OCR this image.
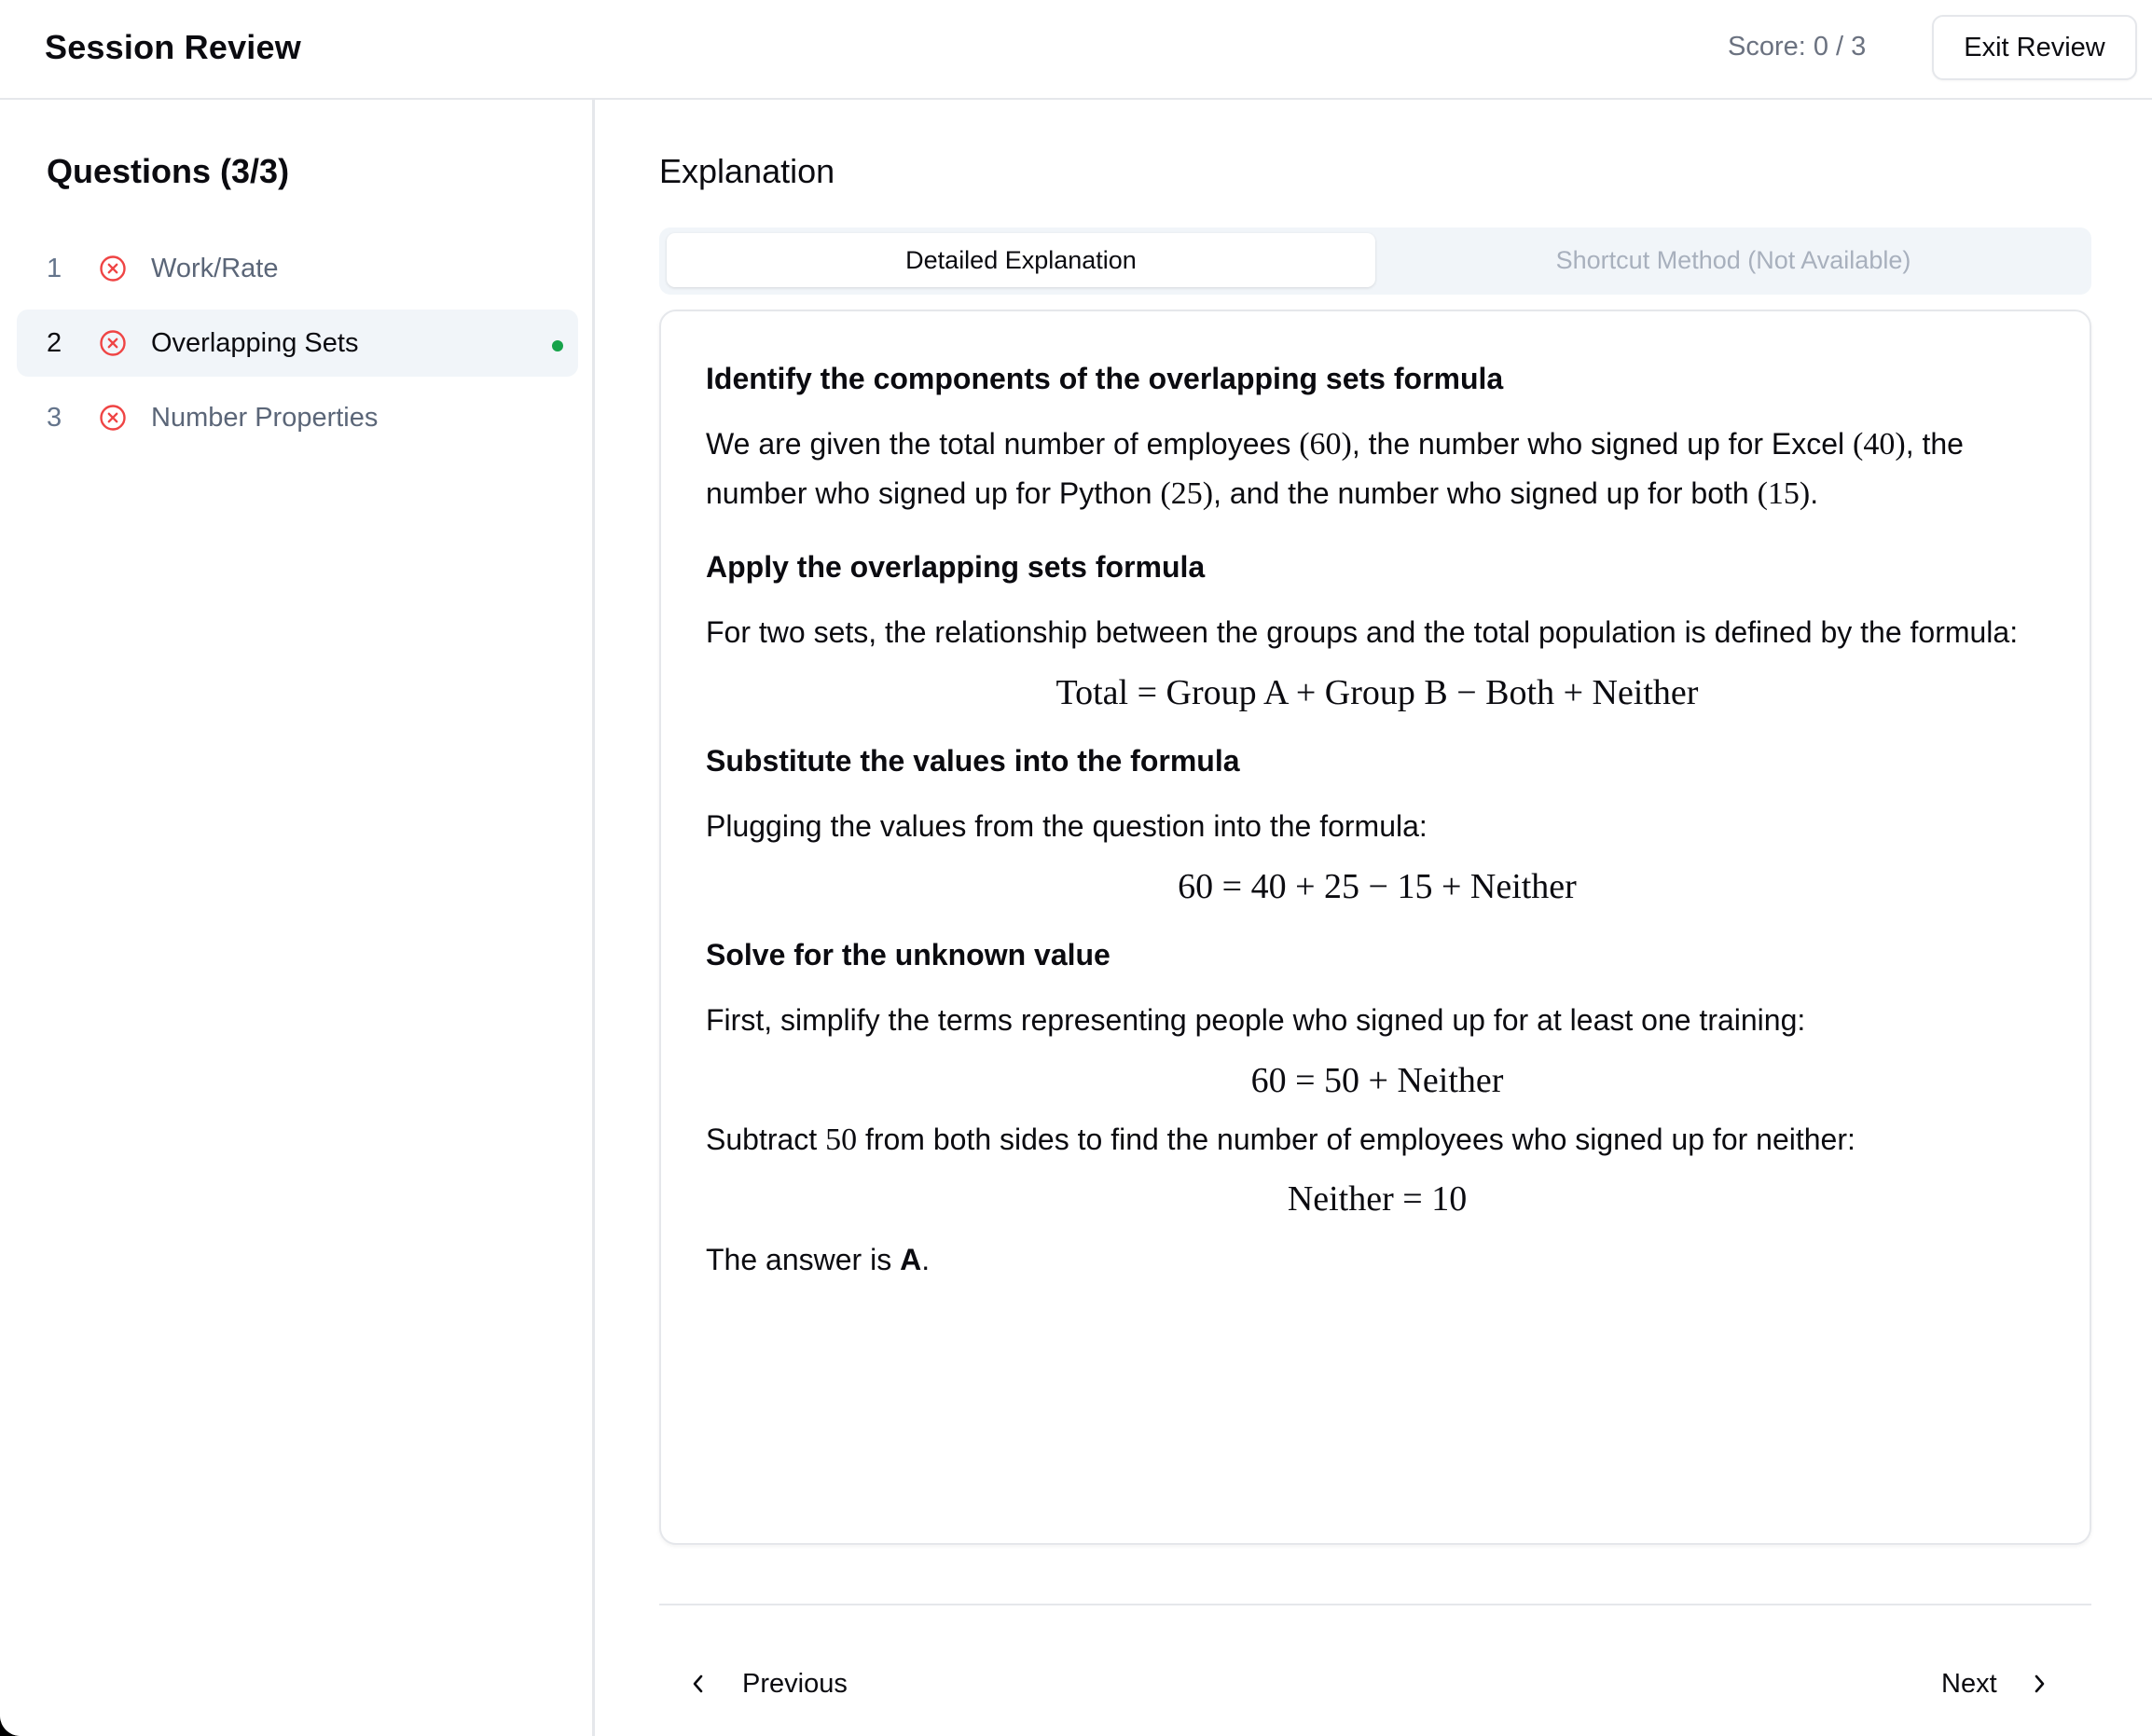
Session Review	Score: 0 / 3	Exit Review
Questions (3/3)
1	Work/Rate
2	Overlapping Sets
3	Number Properties
Explanation
Detailed Explanation	Shortcut Method (Not Available)
Identify the components of the overlapping sets formula
We are given the total number of employees (60), the number who signed up for Excel (40), the number who signed up for Python (25), and the number who signed up for both (15).
Apply the overlapping sets formula
For two sets, the relationship between the groups and the total population is defined by the formula:
Total = Group A + Group B − Both + Neither
Substitute the values into the formula
Plugging the values from the question into the formula:
60 = 40 + 25 − 15 + Neither
Solve for the unknown value
First, simplify the terms representing people who signed up for at least one training:
60 = 50 + Neither
Subtract 50 from both sides to find the number of employees who signed up for neither:
Neither = 10
The answer is A.
Previous	Next
